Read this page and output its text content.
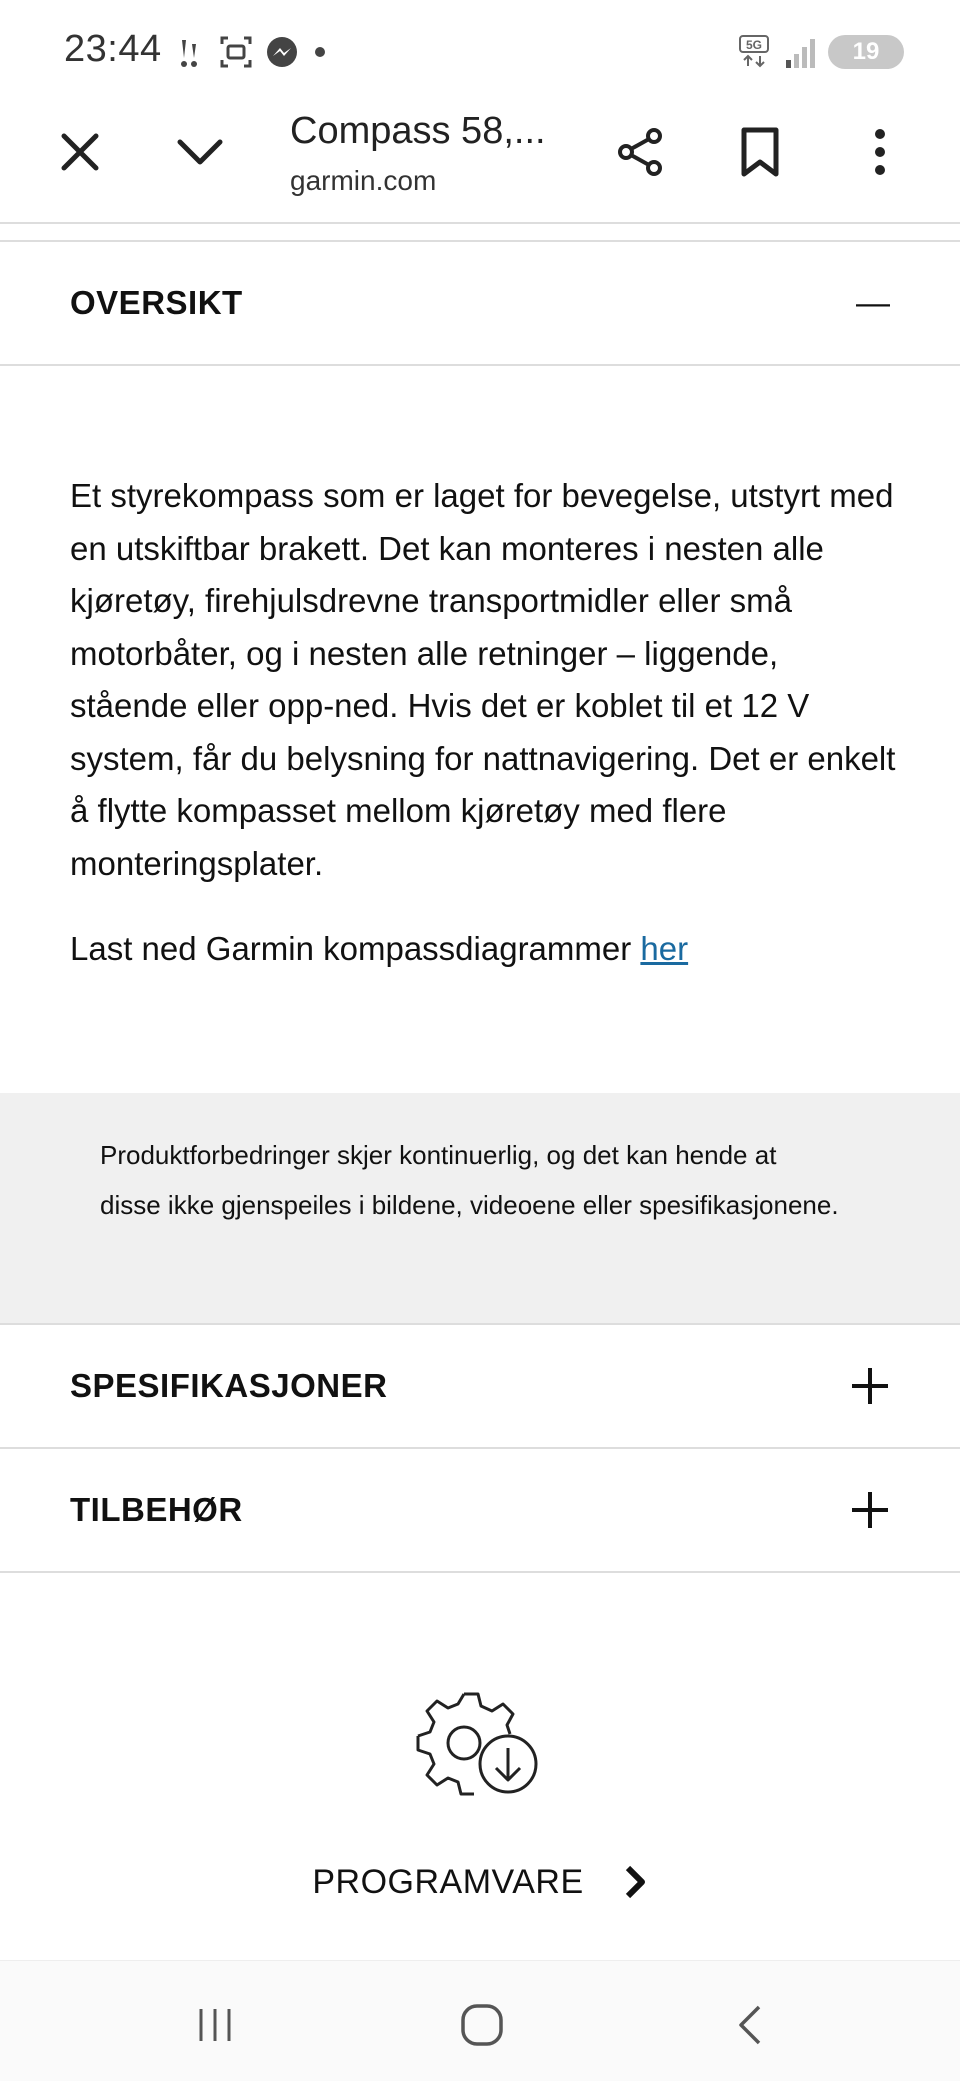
23:44	5G	19
Compass 58,...
garmin.com
OVERSIKT	—
Et styrekompass som er laget for bevegelse, utstyrt med en utskiftbar brakett. Det kan monteres i nesten alle kjøretøy, firehjulsdrevne transportmidler eller små motorbåter, og i nesten alle retninger – liggende, stående eller opp-ned. Hvis det er koblet til et 12 V system, får du belysning for nattnavigering. Det er enkelt å flytte kompasset mellom kjøretøy med flere monteringsplater.
Last ned Garmin kompassdiagrammer her
Produktforbedringer skjer kontinuerlig, og det kan hende at disse ikke gjenspeiles i bildene, videoene eller spesifikasjonene.
SPESIFIKASJONER
TILBEHØR
PROGRAMVARE
